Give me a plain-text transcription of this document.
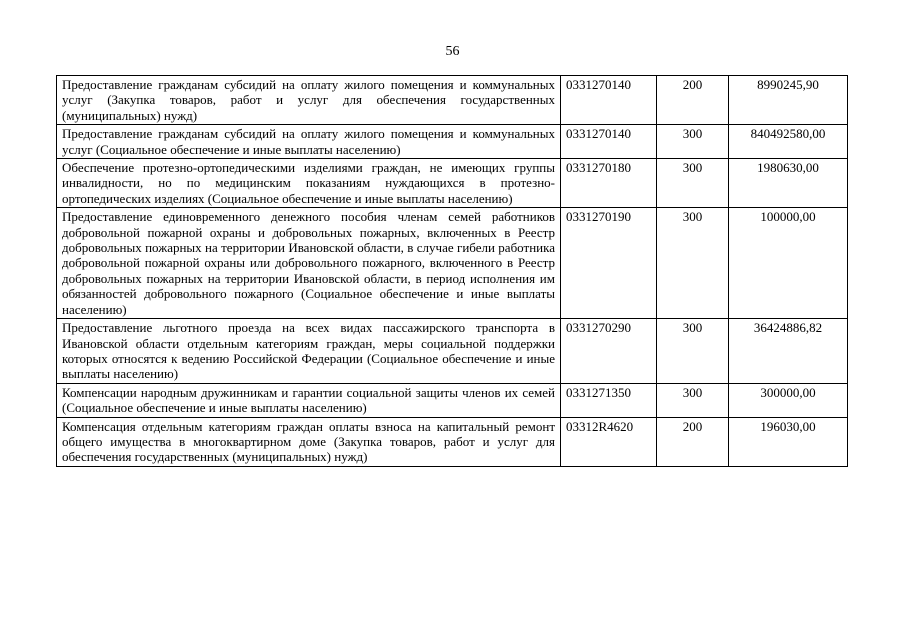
56
Предоставление гражданам субсидий на оплату жилого помещения и коммунальных услуг (Закупка товаров, работ и услуг для обеспечения государственных (муниципальных) нужд)	0331270140	200	8990245,90
Предоставление гражданам субсидий на оплату жилого помещения и коммунальных услуг (Социальное обеспечение и иные выплаты населению)	0331270140	300	840492580,00
Обеспечение протезно-ортопедическими изделиями граждан, не имеющих группы инвалидности, но по медицинским показаниям нуждающихся в протезно-ортопедических изделиях (Социальное обеспечение и иные выплаты населению)	0331270180	300	1980630,00
Предоставление единовременного денежного пособия членам семей работников добровольной пожарной охраны и добровольных пожарных, включенных в Реестр добровольных пожарных на территории Ивановской области, в случае гибели работника добровольной пожарной охраны или добровольного пожарного, включенного в Реестр добровольных пожарных на территории Ивановской области, в период исполнения им обязанностей добровольного пожарного (Социальное обеспечение и иные выплаты населению)	0331270190	300	100000,00
Предоставление льготного проезда на всех видах пассажирского транспорта в Ивановской области отдельным категориям граждан, меры социальной поддержки которых относятся к ведению Российской Федерации (Социальное обеспечение и иные выплаты населению)	0331270290	300	36424886,82
Компенсации народным дружинникам и гарантии социальной защиты членов их семей (Социальное обеспечение и иные выплаты населению)	0331271350	300	300000,00
Компенсация отдельным категориям граждан оплаты взноса на капитальный ремонт общего имущества в многоквартирном доме (Закупка товаров, работ и услуг для обеспечения государственных (муниципальных) нужд)	03312R4620	200	196030,00
